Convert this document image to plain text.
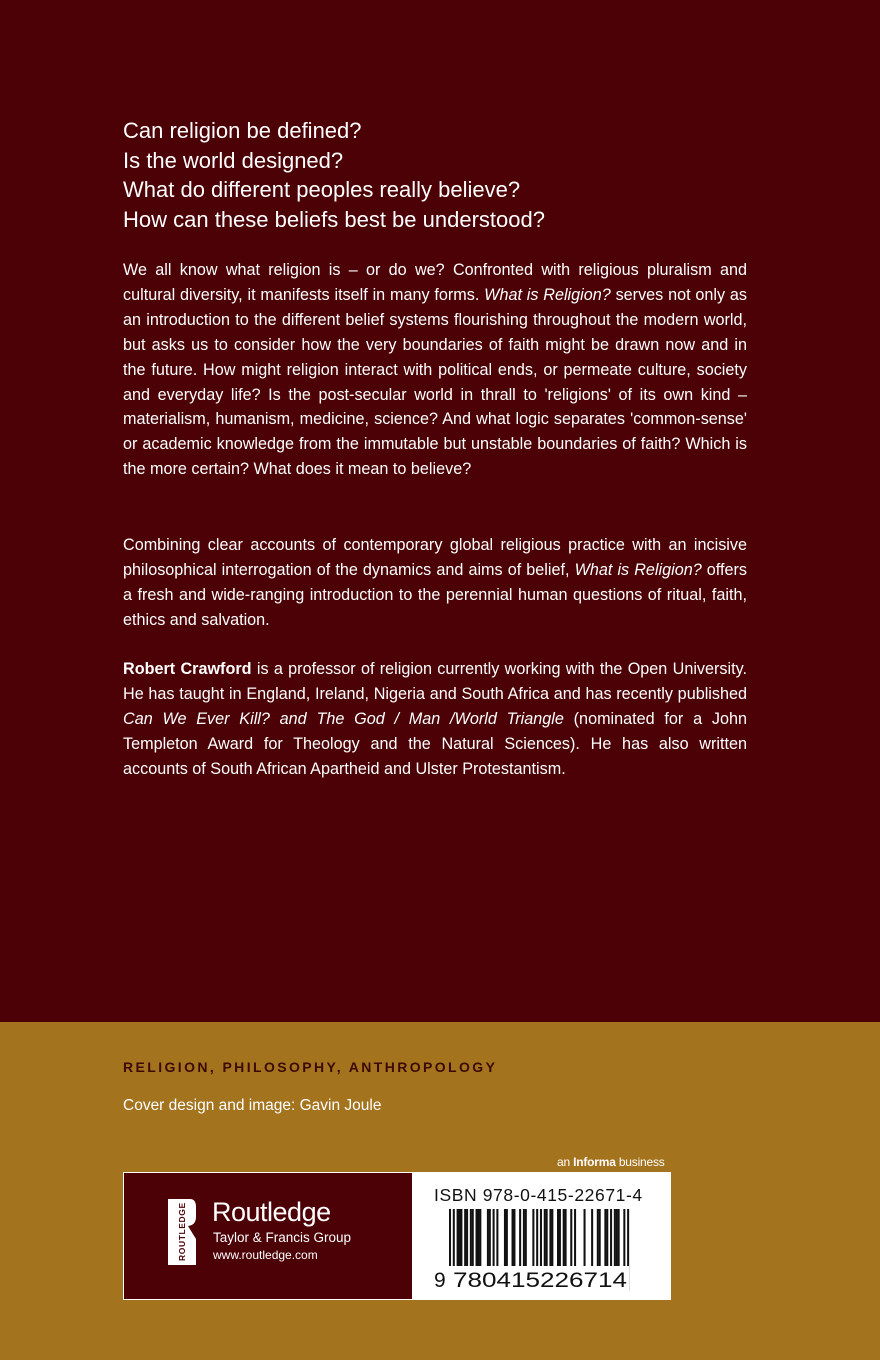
Can religion be defined?
Is the world designed?
What do different peoples really believe?
How can these beliefs best be understood?
We all know what religion is – or do we? Confronted with religious pluralism and cultural diversity, it manifests itself in many forms. What is Religion? serves not only as an introduction to the different belief systems flourishing throughout the modern world, but asks us to consider how the very boundaries of faith might be drawn now and in the future. How might religion interact with political ends, or permeate culture, society and everyday life? Is the post-secular world in thrall to 'religions' of its own kind – materialism, humanism, medicine, science? And what logic separates 'common-sense' or academic knowledge from the immutable but unstable boundaries of faith? Which is the more certain? What does it mean to believe?
Combining clear accounts of contemporary global religious practice with an incisive philosophical interrogation of the dynamics and aims of belief, What is Religion? offers a fresh and wide-ranging introduction to the perennial human questions of ritual, faith, ethics and salvation.
Robert Crawford is a professor of religion currently working with the Open University. He has taught in England, Ireland, Nigeria and South Africa and has recently published Can We Ever Kill? and The God / Man /World Triangle (nominated for a John Templeton Award for Theology and the Natural Sciences). He has also written accounts of South African Apartheid and Ulster Protestantism.
RELIGION, PHILOSOPHY, ANTHROPOLOGY
Cover design and image: Gavin Joule
an Informa business
ROUTLEDGE Routledge
Taylor & Francis Group
www.routledge.com
ISBN 978-0-415-22671-4
9 780415226714
